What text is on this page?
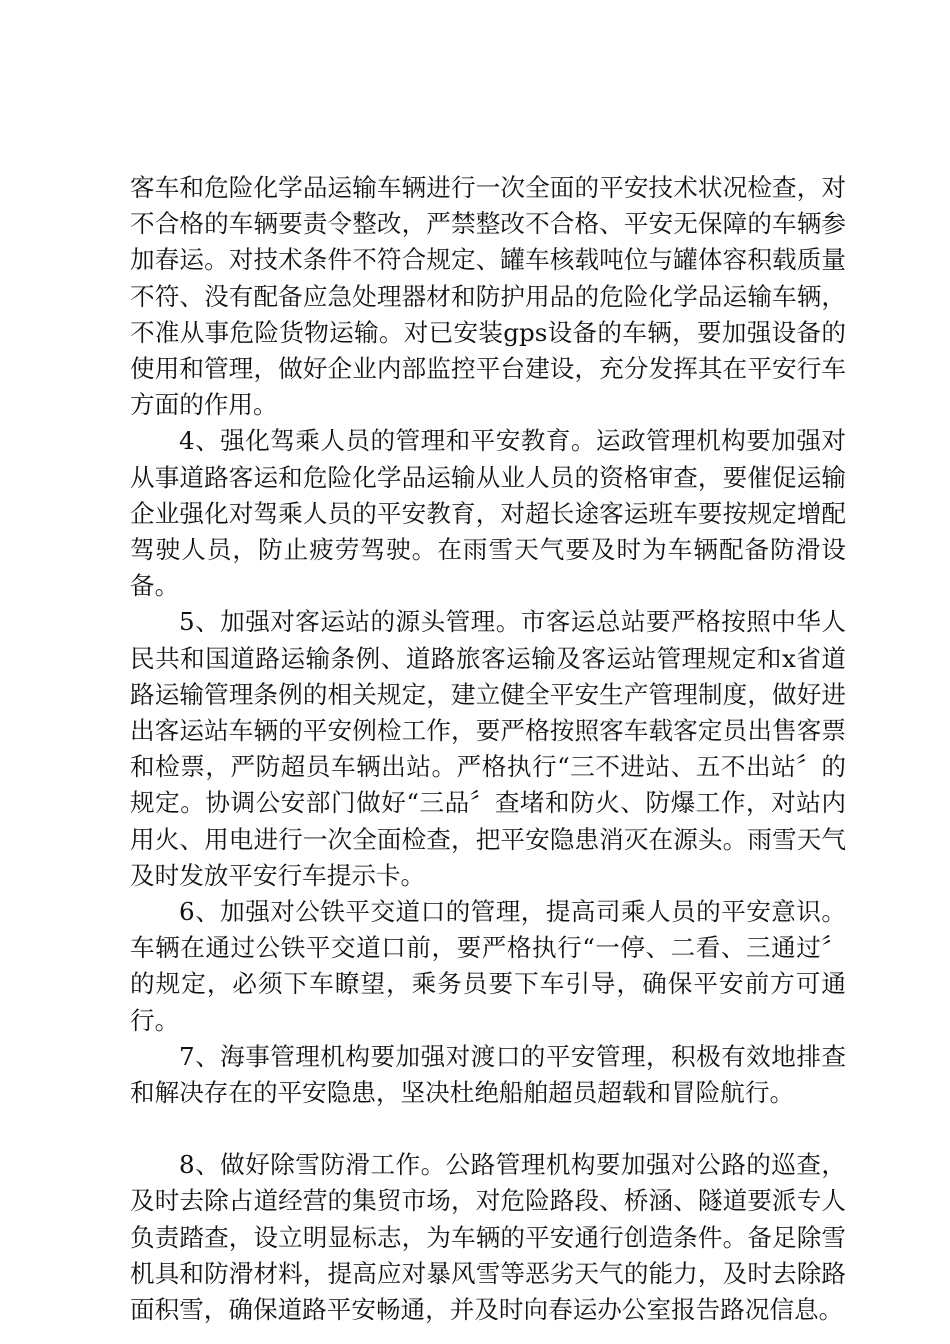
客车和危险化学品运输车辆进行一次全面的平安技术状况检查，对不合格的车辆要责令整改，严禁整改不合格、平安无保障的车辆参加春运。对技术条件不符合规定、罐车核载吨位与罐体容积载质量不符、没有配备应急处理器材和防护用品的危险化学品运输车辆，不准从事危险货物运输。对已安装gps设备的车辆，要加强设备的使用和管理，做好企业内部监控平台建设，充分发挥其在平安行车方面的作用。

4、强化驾乘人员的管理和平安教育。运政管理机构要加强对从事道路客运和危险化学品运输从业人员的资格审查，要催促运输企业强化对驾乘人员的平安教育，对超长途客运班车要按规定增配驾驶人员，防止疲劳驾驶。在雨雪天气要及时为车辆配备防滑设备。

5、加强对客运站的源头管理。市客运总站要严格按照中华人民共和国道路运输条例、道路旅客运输及客运站管理规定和x省道路运输管理条例的相关规定，建立健全平安生产管理制度，做好进出客运站车辆的平安例检工作，要严格按照客车载客定员出售客票和检票，严防超员车辆出站。严格执行“三不进站、五不出站〞的规定。协调公安部门做好“三品〞查堵和防火、防爆工作，对站内用火、用电进行一次全面检查，把平安隐患消灭在源头。雨雪天气及时发放平安行车提示卡。

6、加强对公铁平交道口的管理，提高司乘人员的平安意识。车辆在通过公铁平交道口前，要严格执行“一停、二看、三通过〞的规定，必须下车瞭望，乘务员要下车引导，确保平安前方可通行。

7、海事管理机构要加强对渡口的平安管理，积极有效地排查和解决存在的平安隐患，坚决杜绝船舶超员超载和冒险航行。

8、做好除雪防滑工作。公路管理机构要加强对公路的巡查，及时去除占道经营的集贸市场，对危险路段、桥涵、隧道要派专人负责踏查，设立明显标志，为车辆的平安通行创造条件。备足除雪机具和防滑材料，提高应对暴风雪等恶劣天气的能力，及时去除路面积雪，确保道路平安畅通，并及时向春运办公室报告路况信息。
